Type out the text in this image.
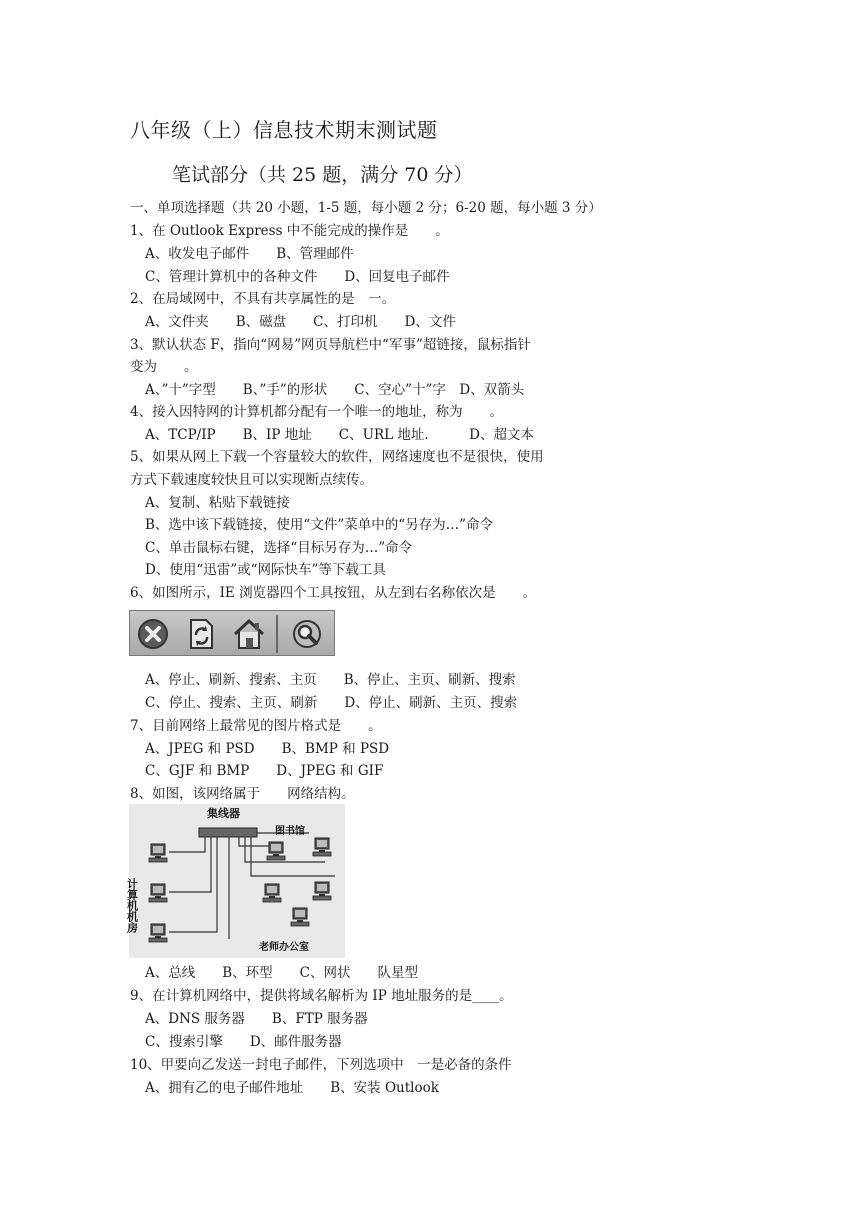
八年级（上）信息技术期末测试题
笔试部分（共 25 题，满分 70 分）
一、单项选择题（共 20 小题，1-5 题，每小题 2 分；6-20 题，每小题 3 分）
1、在 Outlook Express 中不能完成的操作是　　。
A、收发电子邮件　　B、管理邮件
C、管理计算机中的各种文件　　D、回复电子邮件
2、在局域网中，不具有共享属性的是　一。
A、文件夹　　B、磁盘　　C、打印机　　D、文件
3、默认状态 F，指向“网易”网页导航栏中“军事”超链接，鼠标指针
变为　　。
A、”十”字型　　B、”手”的形状　　C、空心”十”字　D、双箭头
4、接入因特网的计算机都分配有一个唯一的地址，称为　　。
A、TCP/IP　　B、IP 地址　　C、URL 地址.　　　D、超文本
5、如果从网上下载一个容量较大的软件，网络速度也不是很快，使用
方式下载速度较快且可以实现断点续传。
A、复制、粘贴下载链接
B、选中该下载链接，使用“文件”菜单中的“另存为…”命令
C、单击鼠标右键，选择“目标另存为…”命令
D、使用“迅雷”或“网际快车”等下载工具
6、如图所示，IE 浏览器四个工具按钮，从左到右名称依次是　　。
A、停止、刷新、搜索、主页　　B、停止、主页、刷新、搜索
C、停止、搜索、主页、刷新　　D、停止、刷新、主页、搜索
7、目前网络上最常见的图片格式是　　。
A、JPEG 和 PSD　　B、BMP 和 PSD
C、GJF 和 BMP　　D、JPEG 和 GIF
8、如图，该网络属于　　网络结构。
集线器
图书馆
计算机机房
老师办公室
A、总线　　B、环型　　C、网状　　队星型
9、在计算机网络中，提供将域名解析为 IP 地址服务的是____。
A、DNS 服务器　　B、FTP 服务器
C、搜索引擎　　D、邮件服务器
10、甲要向乙发送一封电子邮件，下列选项中　一是必备的条件
A、拥有乙的电子邮件地址　　B、安装 Outlook
